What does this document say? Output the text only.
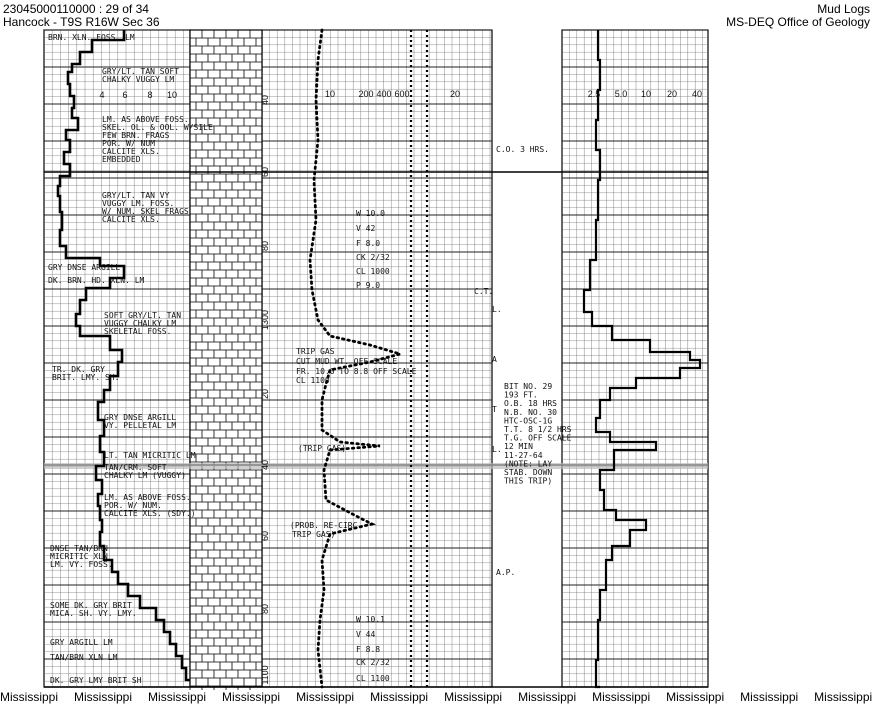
23045000110000 : 29 of 34
Hancock - T9S R16W Sec 36
Mud Logs
MS-DEQ Office of Geology
4 6 8 10	10	200 400 600	20	2.5 5.0 10 20 40
40
60
80
1300
20
40
60
80
1100
BRN. XLN. FOSS. LM
GRY/LT. TAN SOFT
CHALKY VUGGY LM
LM. AS ABOVE FOSS.
SKEL. OL. & OOL. W/SILE
FEW BRN. FRAGS
POR. W/ NUM
CALCITE XLS.
EMBEDDED
GRY/LT. TAN VY
VUGGY LM. FOSS.
W/ NUM. SKEL FRAGS
CALCITE XLS.
GRY DNSE ARGILL
DK. BRN. HD. XLN. LM
SOFT GRY/LT. TAN
VUGGY CHALKY LM
SKELETAL FOSS.
TR. DK. GRY
BRIT. LMY. SH.
GRY DNSE ARGILL
VY. PELLETAL LM
LT. TAN MICRITIC LM
TAN/CRM. SOFT
CHALKY LM (VUGGY)
LM. AS ABOVE FOSS.
POR. W/ NUM.
CALCITE XLS. (SDY.)
DNSE TAN/BRN
MICRITIC XLN
LM. VY. FOSS.
SOME DK. GRY BRIT
MICA. SH. VY. LMY.
GRY ARGILL LM
TAN/BRN XLN LM
DK. GRY LMY BRIT SH
TRIP GAS
CUT MUD WT. OFF SCALE
FR. 10.0 TO 8.8 OFF SCALE
CL 1100
(TRIP GAS)
(PROB. RE-CIRC.
TRIP GAS)
W 10.0
V 42
F 8.0
CK 2/32
CL 1000
P 9.0
W 10.1
V 44
F 8.8
CK 2/32
CL 1100
BIT NO. 29
193 FT.
O.B. 18 HRS
N.B. NO. 30
HTC-OSC-1G
T.T. 8 1/2 HRS
T.G. OFF SCALE
12 MIN
11-27-64
(NOTE: LAY
STAB. DOWN
THIS TRIP)
C.O. 3 HRS.
C.T.
L.
A
T
L.
A.P.
Mississippi Mississippi Mississippi Mississippi Mississippi Mississippi Mississippi Mississippi Mississippi Mississippi Mississippi Mississippi
